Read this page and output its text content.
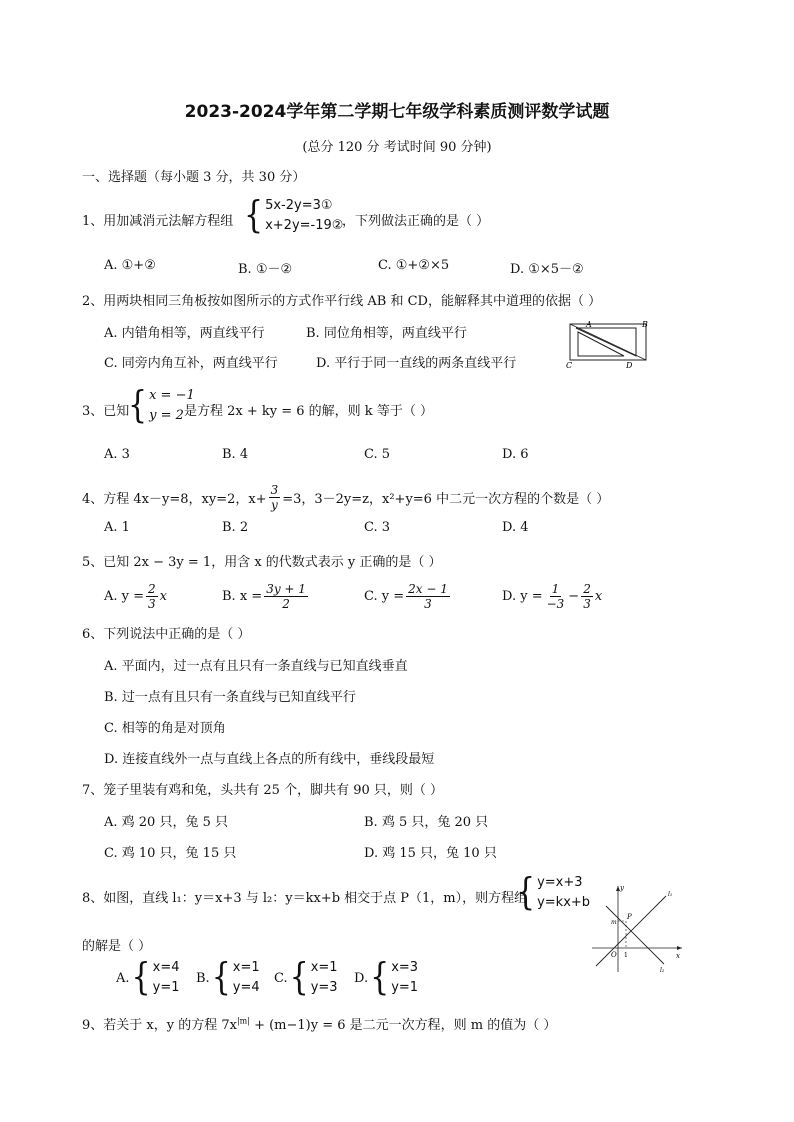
2023-2024学年第二学期七年级学科素质测评数学试题
(总分 120 分 考试时间 90 分钟)
一、选择题（每小题 3 分，共 30 分）
1、用加减消元法解方程组 { 5x-2y=3①
x+2y=-19②
，下列做法正确的是（ ）
A. ①+②	B. ①－②	C. ①+②×5	D. ①×5－②
2、用两块相同三角板按如图所示的方式作平行线 AB 和 CD，能解释其中道理的依据（ ）
A. 内错角相等，两直线平行	B. 同位角相等，两直线平行
C. 同旁内角互补，两直线平行	D. 平行于同一直线的两条直线平行
A	B
C	D
3、已知
{ x = −1
y = 2 是方程 2x + ky = 6 的解，则 k 等于（ ）
A. 3	B. 4	C. 5	D. 6
4、方程 4x－y=8，xy=2，$x+ \frac{3}{y} =3$，3－2y=z，x²+y=6 中二元一次方程的个数是（ ）
A. 1	B. 2	C. 3	D. 4
5、已知 2x − 3y = 1，用含 x 的代数式表示 y 正确的是（ ）
A. $y = \frac{2}{3}$ x	B. $x = \frac{3y + 1}{2}$	C. $y = \frac{2x - 1}{3}$	D. $y = \frac{1}{-3} - \frac{2}{3}$ x
6、下列说法中正确的是（ ）
A. 平面内，过一点有且只有一条直线与已知直线垂直
B. 过一点有且只有一条直线与已知直线平行
C. 相等的角是对顶角
D. 连接直线外一点与直线上各点的所有线中，垂线段最短
7、笼子里装有鸡和兔，头共有 25 个，脚共有 90 只，则（ ）
A. 鸡 20 只，兔 5 只	B. 鸡 5 只，兔 20 只
C. 鸡 10 只，兔 15 只	D. 鸡 15 只，兔 10 只
8、如图，直线 l₁：y＝x+3 与 l₂：y＝kx+b 相交于点 P（1，m），则方程组
{ y=x+3
y=kx+b
的解是（ ）
A. { x=4
y=1
B. { x=1
y=4
C. { x=1
y=3
D. { x=3
y=1
y
x
O
P
m
1
l₁
l₂
9、若关于 x，y 的方程 $7x^{|m|} + (m-1)y = 6$ 是二元一次方程，则 m 的值为（ ）
